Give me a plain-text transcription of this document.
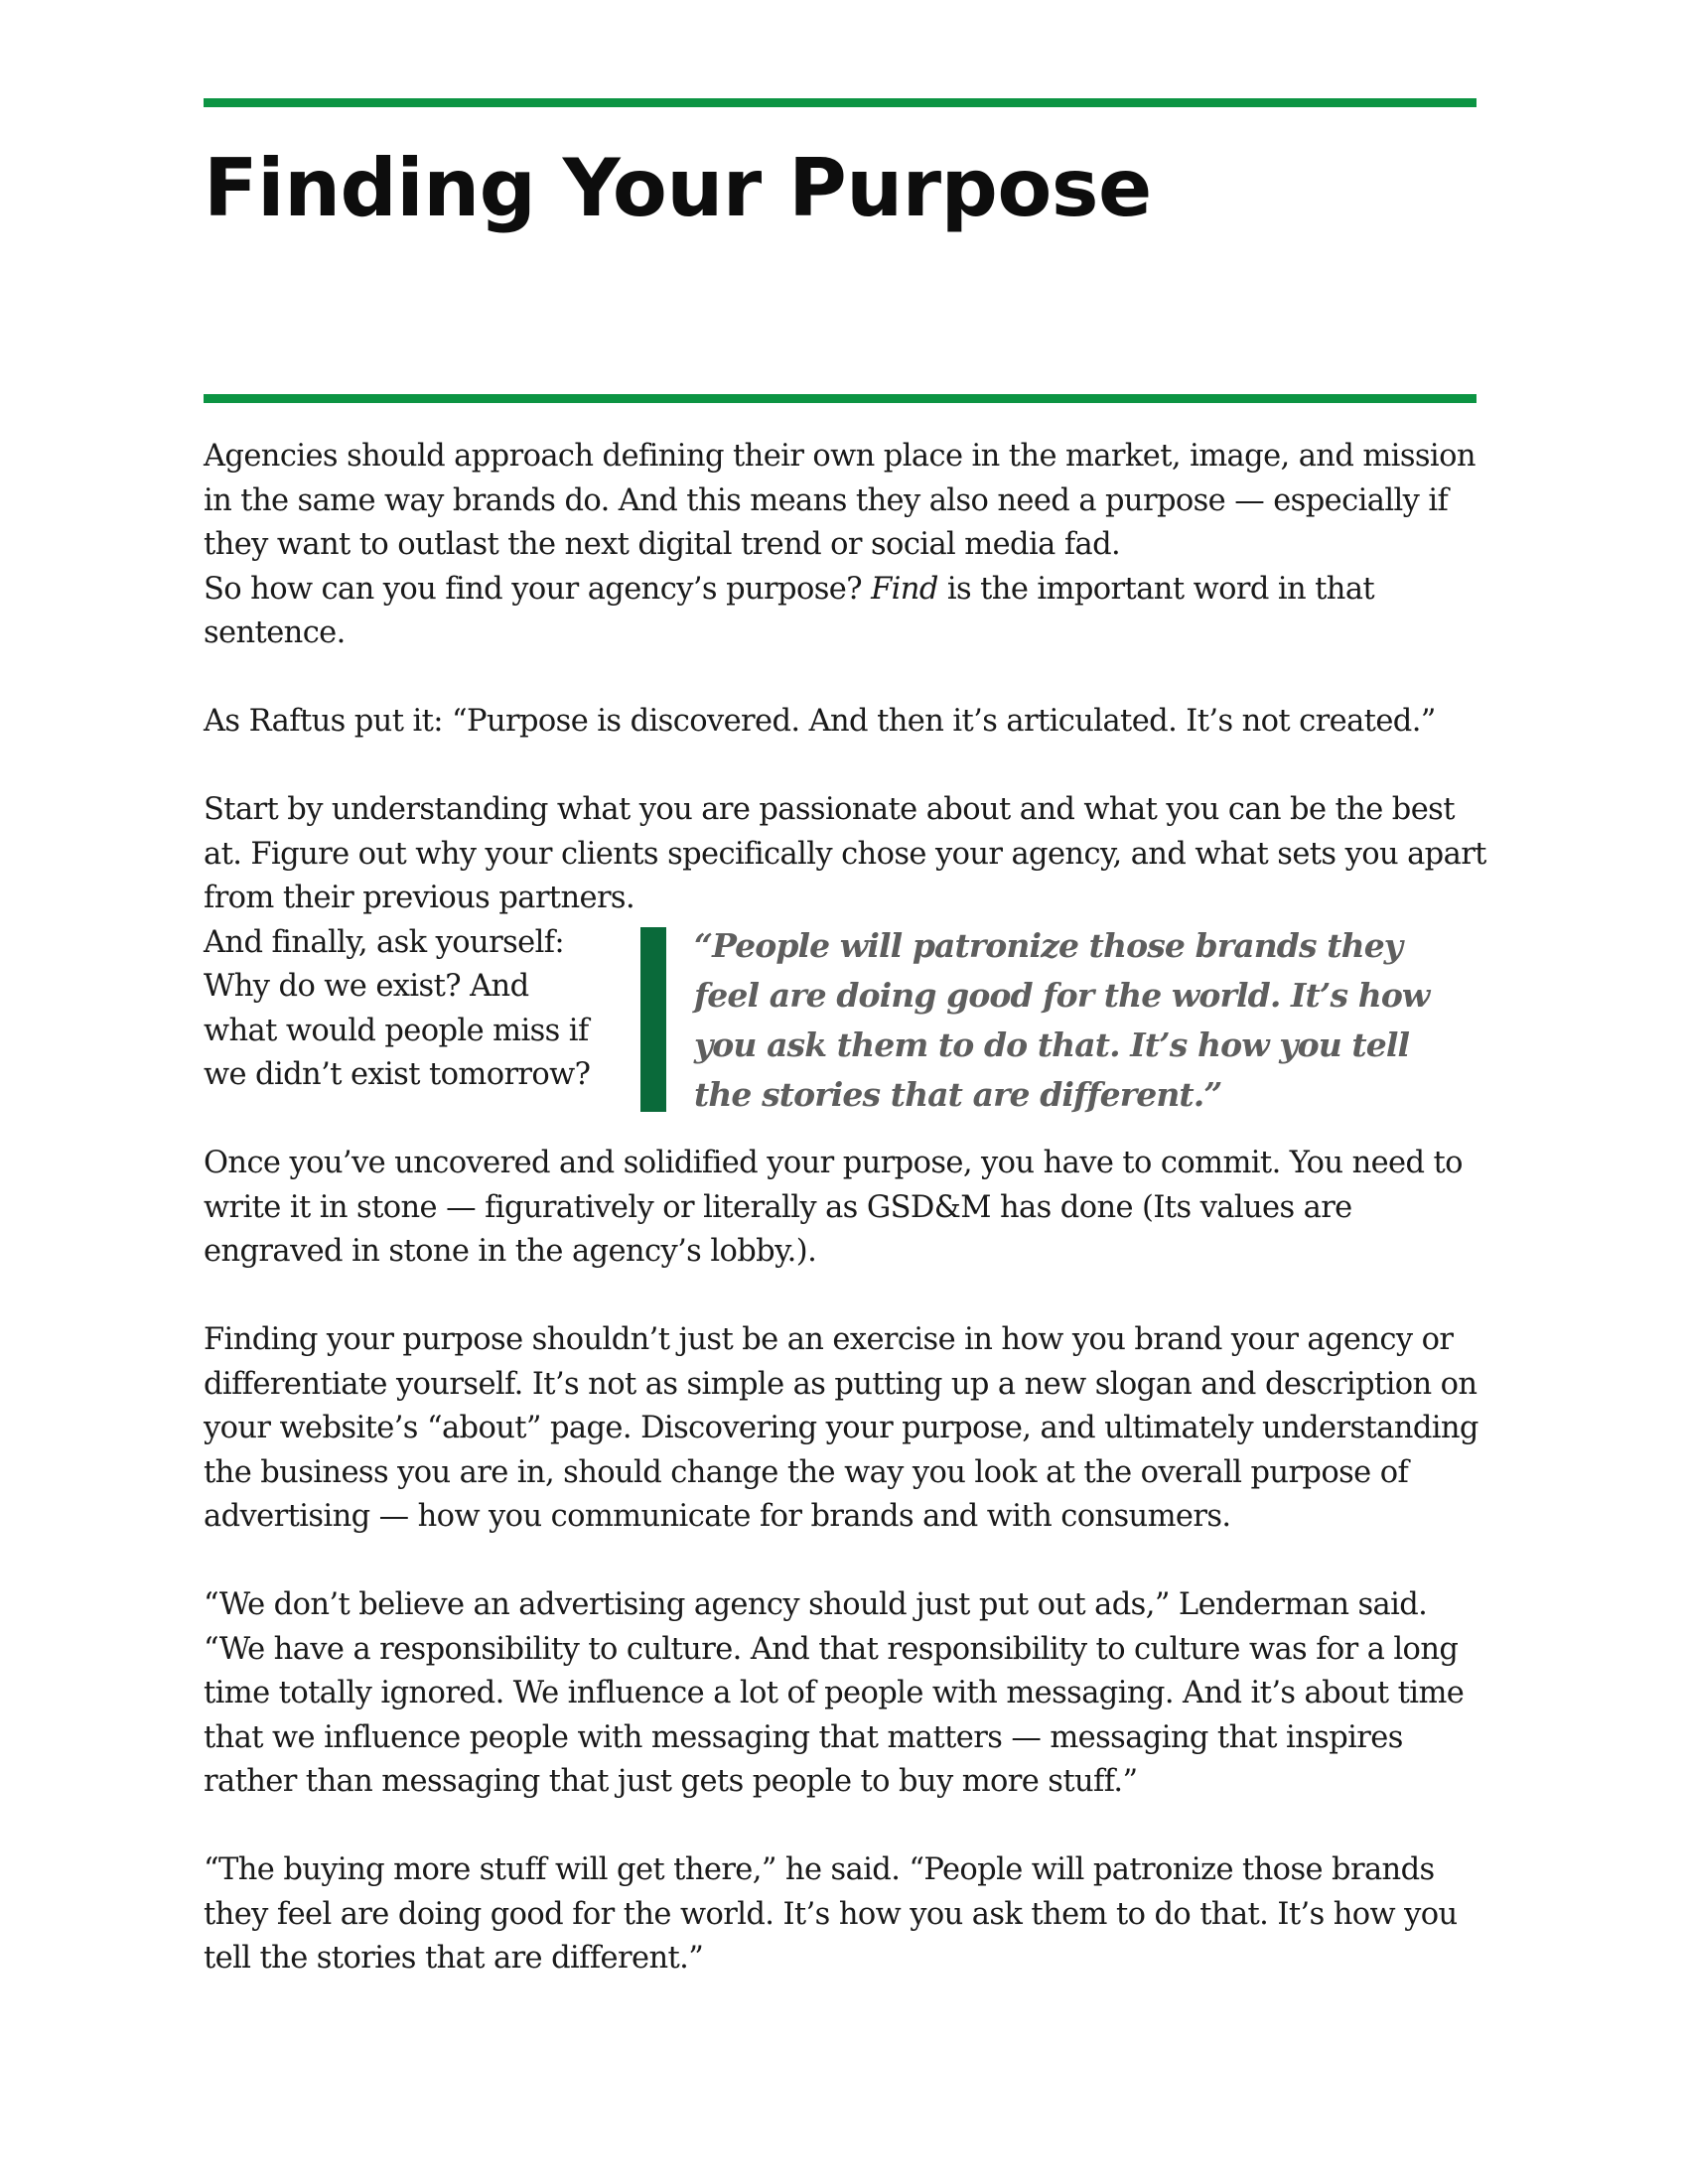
Finding Your Purpose

Agencies should approach defining their own place in the market, image, and mission in the same way brands do. And this means they also need a purpose — especially if they want to outlast the next digital trend or social media fad.

So how can you find your agency’s purpose? Find is the important word in that sentence.

As Raftus put it: “Purpose is discovered. And then it’s articulated. It’s not created.”

Start by understanding what you are passionate about and what you can be the best at. Figure out why your clients specifically chose your agency, and what sets you apart from their previous partners.

“People will patronize those brands they feel are doing good for the world. It’s how you ask them to do that. It’s how you tell the stories that are different.”

And finally, ask yourself: Why do we exist? And what would people miss if we didn’t exist tomorrow?

Once you’ve uncovered and solidified your purpose, you have to commit. You need to write it in stone — figuratively or literally as GSD&M has done (Its values are engraved in stone in the agency’s lobby.).

Finding your purpose shouldn’t just be an exercise in how you brand your agency or differentiate yourself. It’s not as simple as putting up a new slogan and description on your website’s “about” page. Discovering your purpose, and ultimately understanding the business you are in, should change the way you look at the overall purpose of advertising — how you communicate for brands and with consumers.

“We don’t believe an advertising agency should just put out ads,” Lenderman said. “We have a responsibility to culture. And that responsibility to culture was for a long time totally ignored. We influence a lot of people with messaging. And it’s about time that we influence people with messaging that matters — messaging that inspires rather than messaging that just gets people to buy more stuff.”

“The buying more stuff will get there,” he said. “People will patronize those brands they feel are doing good for the world. It’s how you ask them to do that. It’s how you tell the stories that are different.”
